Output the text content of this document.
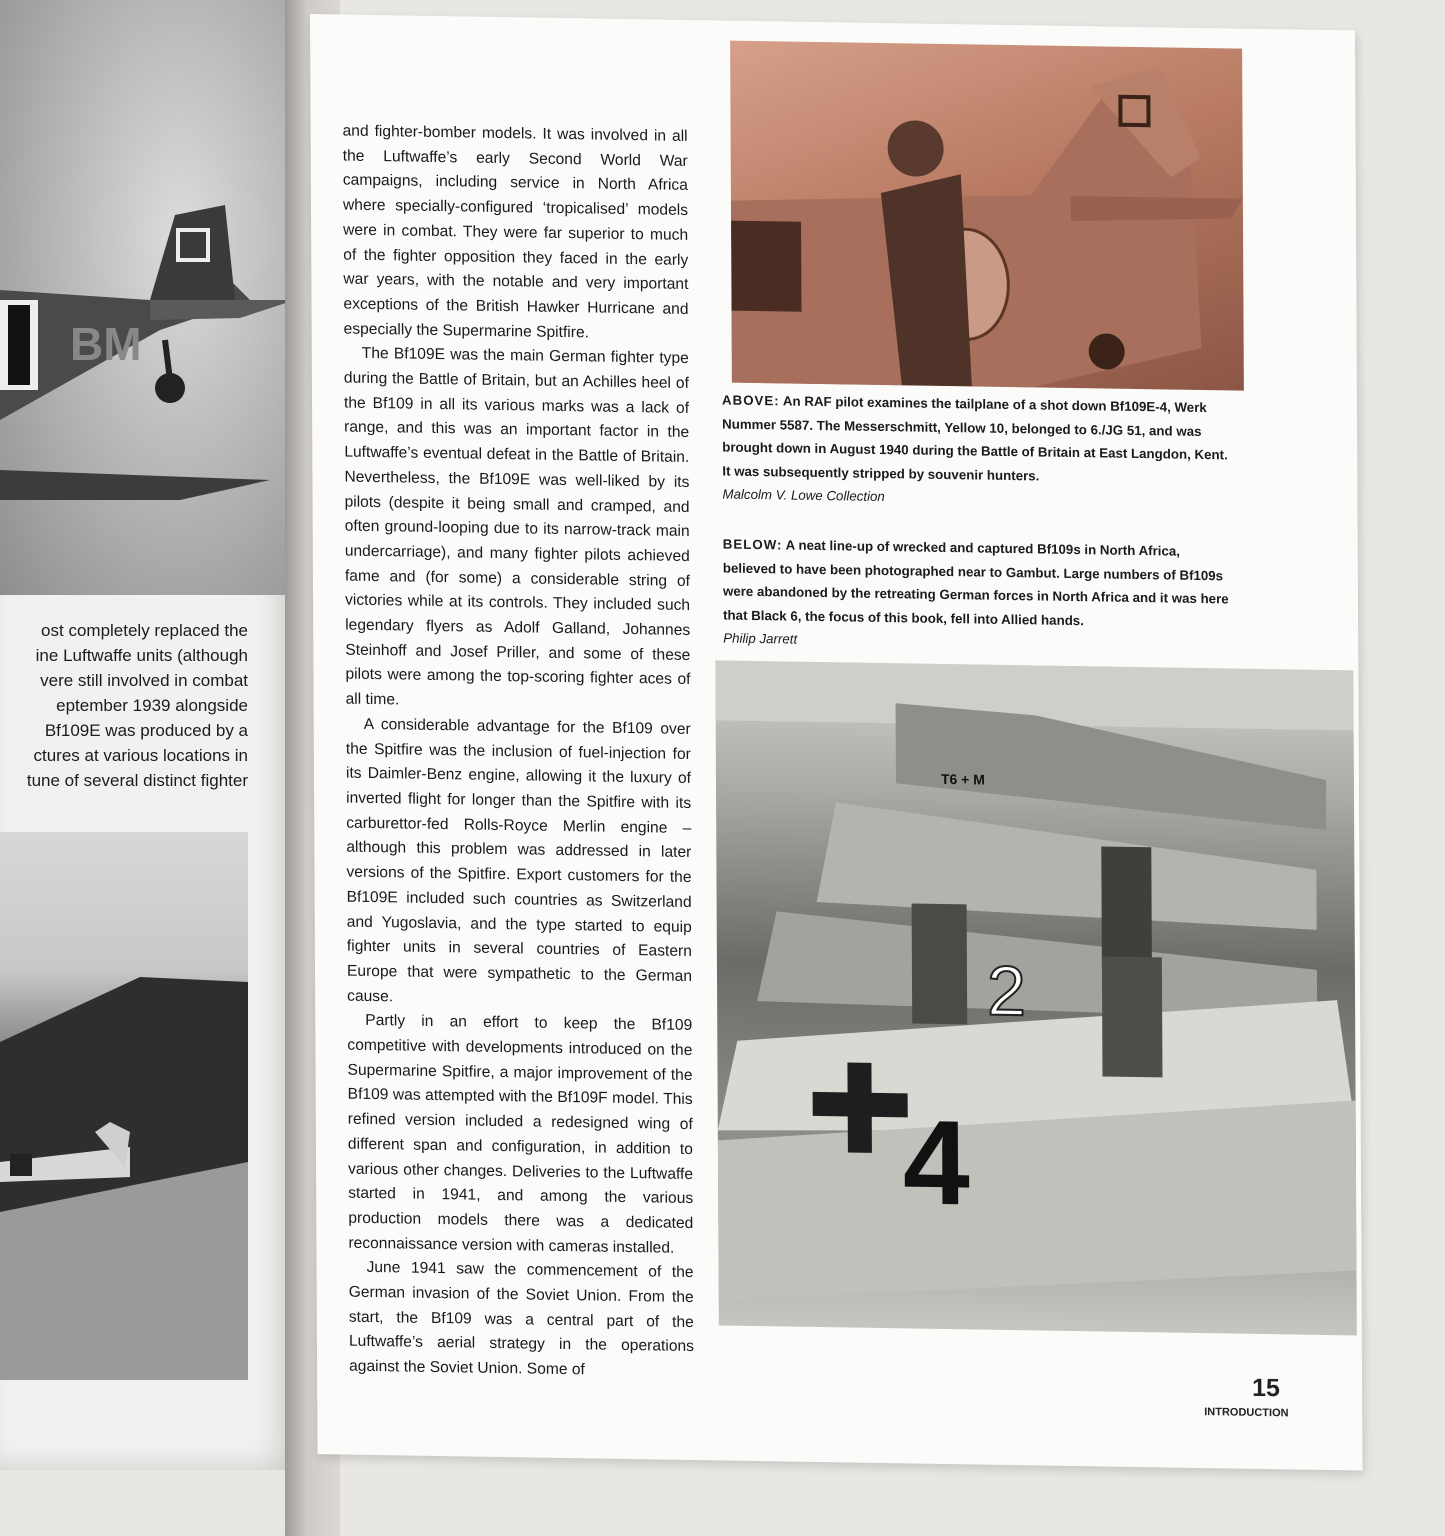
BM
ost completely replaced the
ine Luftwaffe units (although
vere still involved in combat
eptember 1939 alongside
Bf109E was produced by a
ctures at various locations in
tune of several distinct fighter

and fighter-bomber models. It was involved in all the Luftwaffe’s early Second World War campaigns, including service in North Africa where specially-configured ‘tropicalised’ models were in combat. They were far superior to much of the fighter opposition they faced in the early war years, with the notable and very important exceptions of the British Hawker Hurricane and especially the Supermarine Spitfire.

The Bf109E was the main German fighter type during the Battle of Britain, but an Achilles heel of the Bf109 in all its various marks was a lack of range, and this was an important factor in the Luftwaffe’s eventual defeat in the Battle of Britain. Nevertheless, the Bf109E was well-liked by its pilots (despite it being small and cramped, and often ground-looping due to its narrow-track main undercarriage), and many fighter pilots achieved fame and (for some) a considerable string of victories while at its controls. They included such legendary flyers as Adolf Galland, Johannes Steinhoff and Josef Priller, and some of these pilots were among the top-scoring fighter aces of all time.

A considerable advantage for the Bf109 over the Spitfire was the inclusion of fuel-injection for its Daimler-Benz engine, allowing it the luxury of inverted flight for longer than the Spitfire with its carburettor-fed Rolls-Royce Merlin engine – although this problem was addressed in later versions of the Spitfire. Export customers for the Bf109E included such countries as Switzerland and Yugoslavia, and the type started to equip fighter units in several countries of Eastern Europe that were sympathetic to the German cause.

Partly in an effort to keep the Bf109 competitive with developments introduced on the Supermarine Spitfire, a major improvement of the Bf109 was attempted with the Bf109F model. This refined version included a redesigned wing of different span and configuration, in addition to various other changes. Deliveries to the Luftwaffe started in 1941, and among the various production models there was a dedicated reconnaissance version with cameras installed.

June 1941 saw the commencement of the German invasion of the Soviet Union. From the start, the Bf109 was a central part of the Luftwaffe’s aerial strategy in the operations against the Soviet Union. Some of

ABOVE: An RAF pilot examines the tailplane of a shot down Bf109E-4, Werk Nummer 5587. The Messerschmitt, Yellow 10, belonged to 6./JG 51, and was brought down in August 1940 during the Battle of Britain at East Langdon, Kent. It was subsequently stripped by souvenir hunters.
Malcolm V. Lowe Collection
BELOW: A neat line-up of wrecked and captured Bf109s in North Africa, believed to have been photographed near to Gambut. Large numbers of Bf109s were abandoned by the retreating German forces in North Africa and it was here that Black 6, the focus of this book, fell into Allied hands.
Philip Jarrett
2
4
T6 + M
15
INTRODUCTION
